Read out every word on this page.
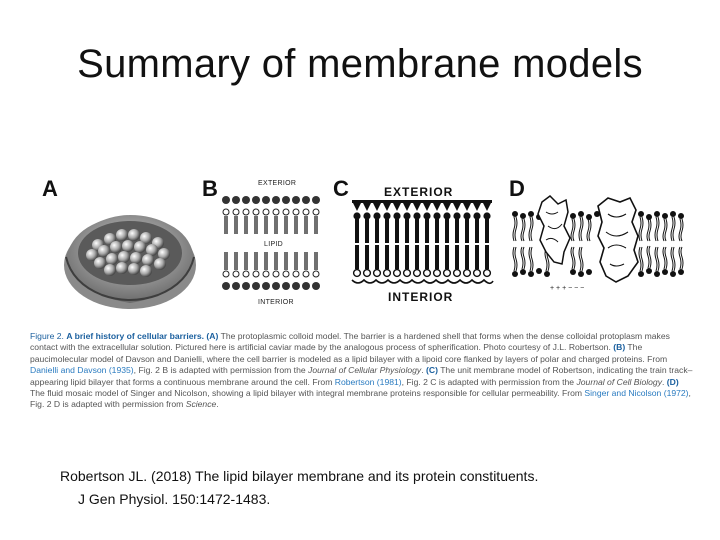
Summary of membrane models
A	B	C	D
EXTERIOR
LIPID
INTERIOR
EXTERIOR
INTERIOR
+ + + − − −
Figure 2. A brief history of cellular barriers. (A) The protoplasmic colloid model. The barrier is a hardened shell that forms when the dense colloidal protoplasm makes contact with the extracellular solution. Pictured here is artificial caviar made by the analogous process of spherification. Photo courtesy of J.L. Robertson. (B) The paucimolecular model of Davson and Danielli, where the cell barrier is modeled as a lipid bilayer with a lipoid core flanked by layers of polar and charged proteins. From Danielli and Davson (1935), Fig. 2 B is adapted with permission from the Journal of Cellular Physiology. (C) The unit membrane model of Robertson, indicating the train track–appearing lipid bilayer that forms a continuous membrane around the cell. From Robertson (1981), Fig. 2 C is adapted with permission from the Journal of Cell Biology. (D) The fluid mosaic model of Singer and Nicolson, showing a lipid bilayer with integral membrane proteins responsible for cellular permeability. From Singer and Nicolson (1972), Fig. 2 D is adapted with permission from Science.
Robertson JL. (2018) The lipid bilayer membrane and its protein constituents.
J Gen Physiol. 150:1472-1483.
